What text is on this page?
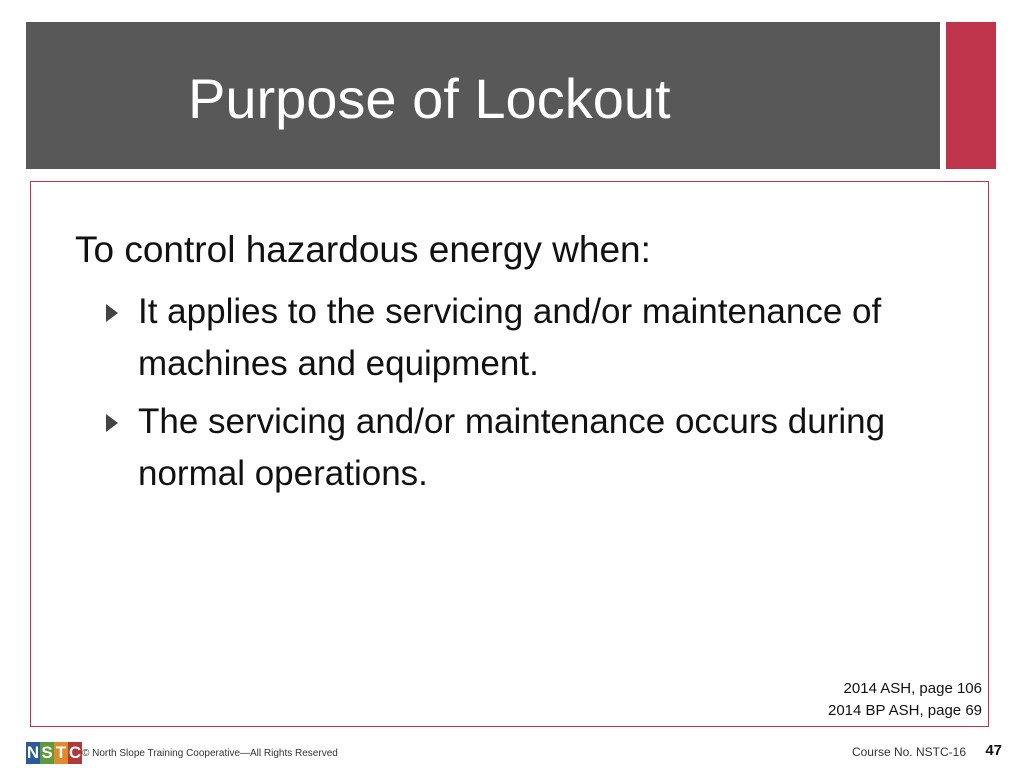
Purpose of Lockout
To control hazardous energy when:
It applies to the servicing and/or maintenance of machines and equipment.
The servicing and/or maintenance occurs during normal operations.
2014 ASH, page 106
2014 BP ASH, page 69
N S T C © North Slope Training Cooperative—All Rights Reserved	Course No. NSTC-16 47
